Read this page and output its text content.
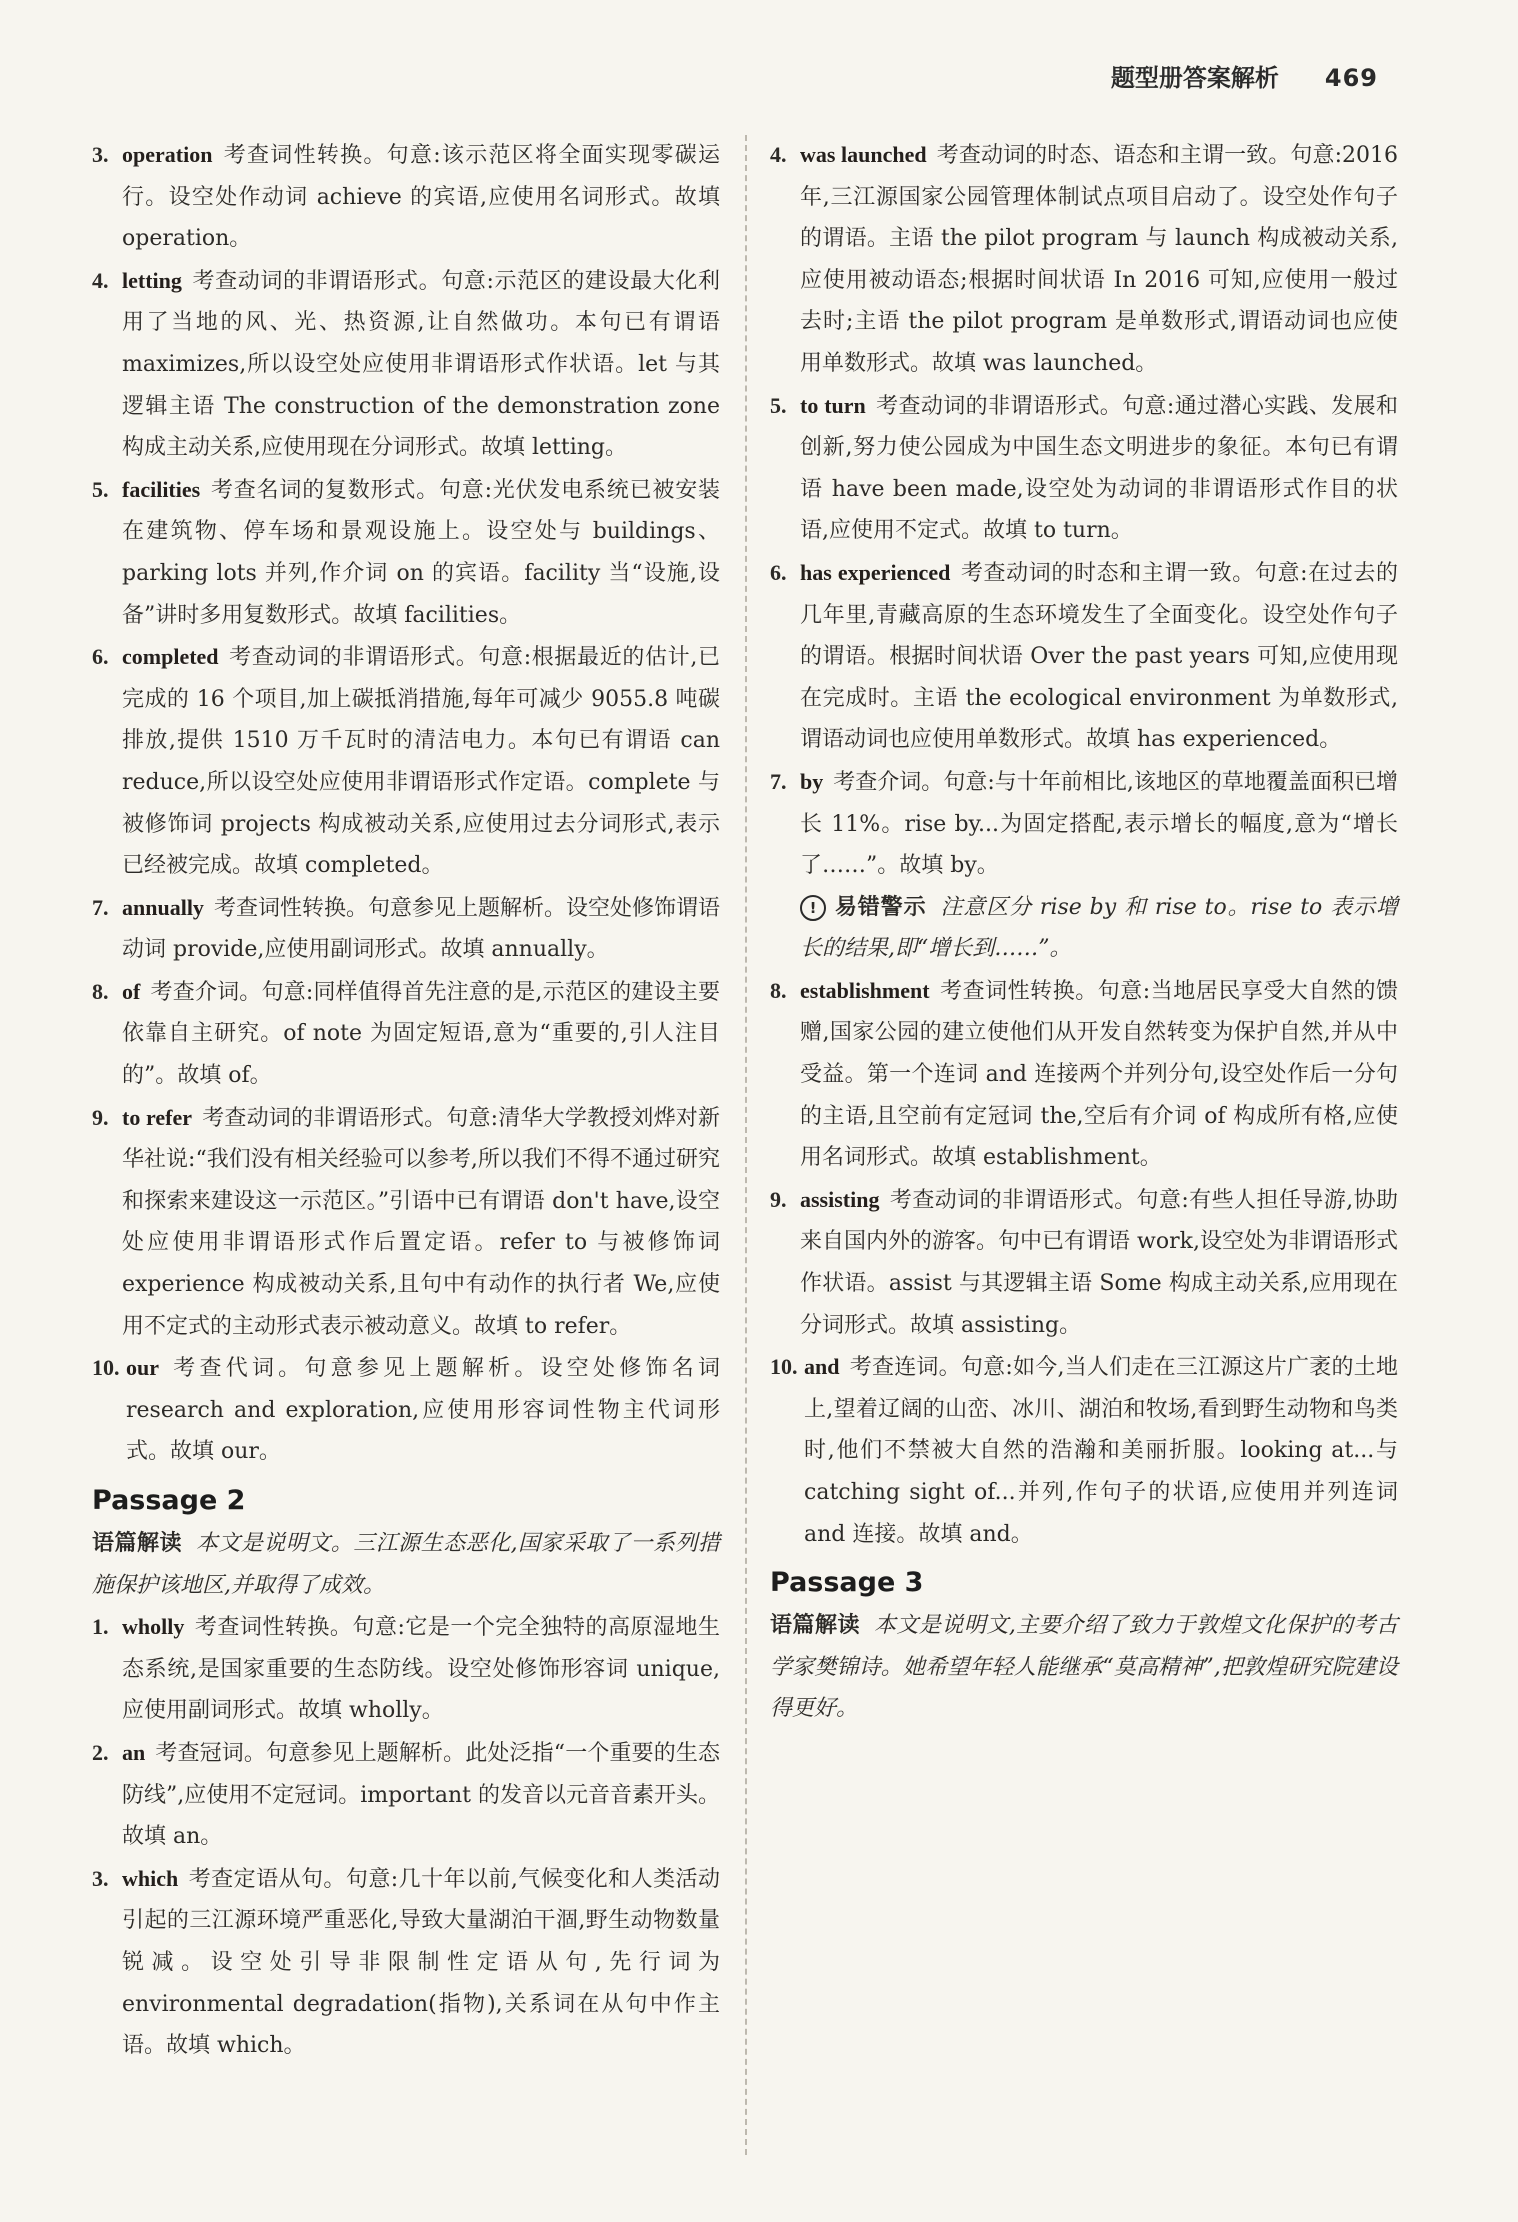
题型册答案解析 469
3. operation 考查词性转换。句意:该示范区将全面实现零碳运行。设空处作动词 achieve 的宾语,应使用名词形式。故填 operation。
4. letting 考查动词的非谓语形式。句意:示范区的建设最大化利用了当地的风、光、热资源,让自然做功。本句已有谓语 maximizes,所以设空处应使用非谓语形式作状语。let 与其逻辑主语 The construction of the demonstration zone 构成主动关系,应使用现在分词形式。故填 letting。
5. facilities 考查名词的复数形式。句意:光伏发电系统已被安装在建筑物、停车场和景观设施上。设空处与 buildings、parking lots 并列,作介词 on 的宾语。facility 当“设施,设备”讲时多用复数形式。故填 facilities。
6. completed 考查动词的非谓语形式。句意:根据最近的估计,已完成的 16 个项目,加上碳抵消措施,每年可减少 9055.8 吨碳排放,提供 1510 万千瓦时的清洁电力。本句已有谓语 can reduce,所以设空处应使用非谓语形式作定语。complete 与被修饰词 projects 构成被动关系,应使用过去分词形式,表示已经被完成。故填 completed。
7. annually 考查词性转换。句意参见上题解析。设空处修饰谓语动词 provide,应使用副词形式。故填 annually。
8. of 考查介词。句意:同样值得首先注意的是,示范区的建设主要依靠自主研究。of note 为固定短语,意为“重要的,引人注目的”。故填 of。
9. to refer 考查动词的非谓语形式。句意:清华大学教授刘烨对新华社说:“我们没有相关经验可以参考,所以我们不得不通过研究和探索来建设这一示范区。”引语中已有谓语 don't have,设空处应使用非谓语形式作后置定语。refer to 与被修饰词 experience 构成被动关系,且句中有动作的执行者 We,应使用不定式的主动形式表示被动意义。故填 to refer。
10. our 考查代词。句意参见上题解析。设空处修饰名词 research and exploration,应使用形容词性物主代词形式。故填 our。
Passage 2
语篇解读 本文是说明文。三江源生态恶化,国家采取了一系列措施保护该地区,并取得了成效。
1. wholly 考查词性转换。句意:它是一个完全独特的高原湿地生态系统,是国家重要的生态防线。设空处修饰形容词 unique,应使用副词形式。故填 wholly。
2. an 考查冠词。句意参见上题解析。此处泛指“一个重要的生态防线”,应使用不定冠词。important 的发音以元音音素开头。故填 an。
3. which 考查定语从句。句意:几十年以前,气候变化和人类活动引起的三江源环境严重恶化,导致大量湖泊干涸,野生动物数量锐减。设空处引导非限制性定语从句,先行词为 environmental degradation(指物),关系词在从句中作主语。故填 which。
4. was launched 考查动词的时态、语态和主谓一致。句意:2016 年,三江源国家公园管理体制试点项目启动了。设空处作句子的谓语。主语 the pilot program 与 launch 构成被动关系,应使用被动语态;根据时间状语 In 2016 可知,应使用一般过去时;主语 the pilot program 是单数形式,谓语动词也应使用单数形式。故填 was launched。
5. to turn 考查动词的非谓语形式。句意:通过潜心实践、发展和创新,努力使公园成为中国生态文明进步的象征。本句已有谓语 have been made,设空处为动词的非谓语形式作目的状语,应使用不定式。故填 to turn。
6. has experienced 考查动词的时态和主谓一致。句意:在过去的几年里,青藏高原的生态环境发生了全面变化。设空处作句子的谓语。根据时间状语 Over the past years 可知,应使用现在完成时。主语 the ecological environment 为单数形式,谓语动词也应使用单数形式。故填 has experienced。
7. by 考查介词。句意:与十年前相比,该地区的草地覆盖面积已增长 11%。rise by...为固定搭配,表示增长的幅度,意为“增长了……”。故填 by。
! 易错警示 注意区分 rise by 和 rise to。rise to 表示增长的结果,即“增长到……”。
8. establishment 考查词性转换。句意:当地居民享受大自然的馈赠,国家公园的建立使他们从开发自然转变为保护自然,并从中受益。第一个连词 and 连接两个并列分句,设空处作后一分句的主语,且空前有定冠词 the,空后有介词 of 构成所有格,应使用名词形式。故填 establishment。
9. assisting 考查动词的非谓语形式。句意:有些人担任导游,协助来自国内外的游客。句中已有谓语 work,设空处为非谓语形式作状语。assist 与其逻辑主语 Some 构成主动关系,应用现在分词形式。故填 assisting。
10. and 考查连词。句意:如今,当人们走在三江源这片广袤的土地上,望着辽阔的山峦、冰川、湖泊和牧场,看到野生动物和鸟类时,他们不禁被大自然的浩瀚和美丽折服。looking at...与 catching sight of...并列,作句子的状语,应使用并列连词 and 连接。故填 and。
Passage 3
语篇解读 本文是说明文,主要介绍了致力于敦煌文化保护的考古学家樊锦诗。她希望年轻人能继承“莫高精神”,把敦煌研究院建设得更好。
